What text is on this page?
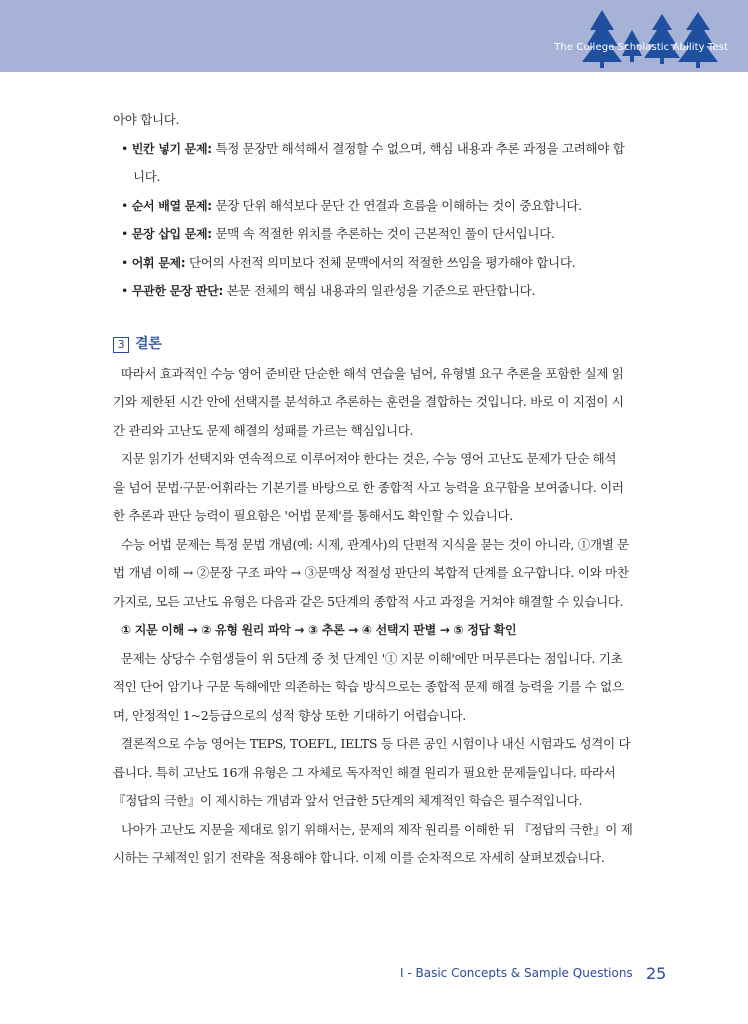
The College Scholastic Ability Test
아야 합니다.
• 빈칸 넣기 문제: 특정 문장만 해석해서 결정할 수 없으며, 핵심 내용과 추론 과정을 고려해야 합
니다.
• 순서 배열 문제: 문장 단위 해석보다 문단 간 연결과 흐름을 이해하는 것이 중요합니다.
• 문장 삽입 문제: 문맥 속 적절한 위치를 추론하는 것이 근본적인 풀이 단서입니다.
• 어휘 문제: 단어의 사전적 의미보다 전체 문맥에서의 적절한 쓰임을 평가해야 합니다.
• 무관한 문장 판단: 본문 전체의 핵심 내용과의 일관성을 기준으로 판단합니다.
3 결론
따라서 효과적인 수능 영어 준비란 단순한 해석 연습을 넘어, 유형별 요구 추론을 포함한 실제 읽
기와 제한된 시간 안에 선택지를 분석하고 추론하는 훈련을 결합하는 것입니다. 바로 이 지점이 시
간 관리와 고난도 문제 해결의 성패를 가르는 핵심입니다.
지문 읽기가 선택지와 연속적으로 이루어져야 한다는 것은, 수능 영어 고난도 문제가 단순 해석
을 넘어 문법·구문·어휘라는 기본기를 바탕으로 한 종합적 사고 능력을 요구함을 보여줍니다. 이러
한 추론과 판단 능력이 필요함은 '어법 문제'를 통해서도 확인할 수 있습니다.
수능 어법 문제는 특정 문법 개념(예: 시제, 관계사)의 단편적 지식을 묻는 것이 아니라, ①개별 문
법 개념 이해 → ②문장 구조 파악 → ③문맥상 적절성 판단의 복합적 단계를 요구합니다. 이와 마찬
가지로, 모든 고난도 유형은 다음과 같은 5단계의 종합적 사고 과정을 거쳐야 해결할 수 있습니다.
① 지문 이해 → ② 유형 원리 파악 → ③ 추론 → ④ 선택지 판별 → ⑤ 정답 확인
문제는 상당수 수험생들이 위 5단계 중 첫 단계인 '① 지문 이해'에만 머무른다는 점입니다. 기초
적인 단어 암기나 구문 독해에만 의존하는 학습 방식으로는 종합적 문제 해결 능력을 기를 수 없으
며, 안정적인 1~2등급으로의 성적 향상 또한 기대하기 어렵습니다.
결론적으로 수능 영어는 TEPS, TOEFL, IELTS 등 다른 공인 시험이나 내신 시험과도 성격이 다
릅니다. 특히 고난도 16개 유형은 그 자체로 독자적인 해결 원리가 필요한 문제들입니다. 따라서
『정답의 극한』이 제시하는 개념과 앞서 언급한 5단계의 체계적인 학습은 필수적입니다.
나아가 고난도 지문을 제대로 읽기 위해서는, 문제의 제작 원리를 이해한 뒤 『정답의 극한』이 제
시하는 구체적인 읽기 전략을 적용해야 합니다. 이제 이를 순차적으로 자세히 살펴보겠습니다.
I - Basic Concepts & Sample Questions 25
